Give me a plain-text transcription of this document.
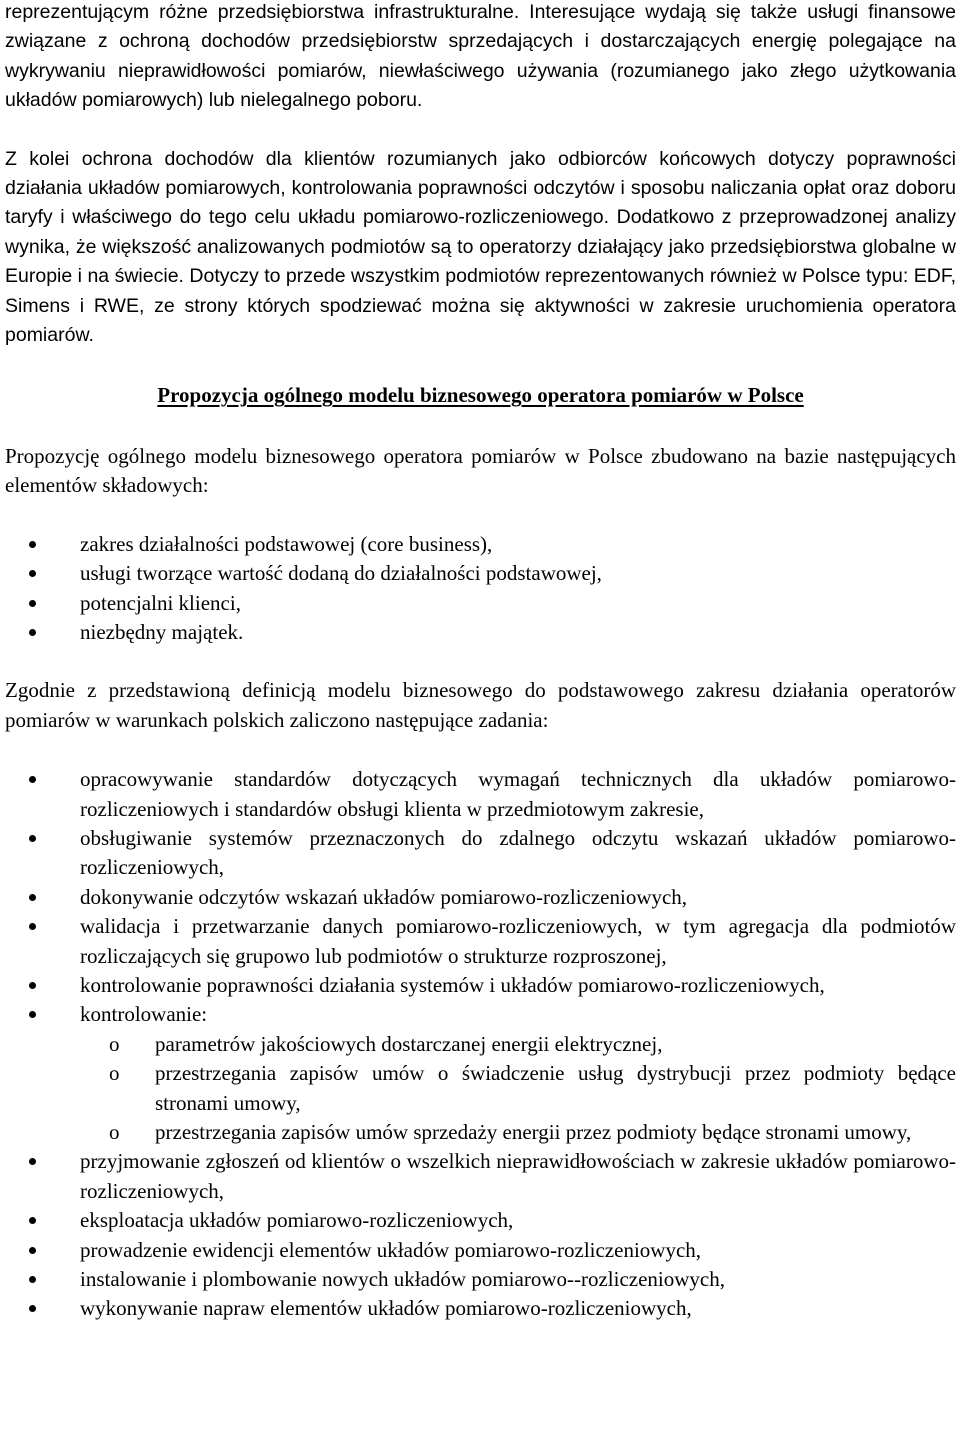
reprezentującym różne przedsiębiorstwa infrastrukturalne. Interesujące wydają się także usługi finansowe związane z ochroną dochodów przedsiębiorstw sprzedających i dostarczających energię polegające na wykrywaniu nieprawidłowości pomiarów, niewłaściwego używania (rozumianego jako złego użytkowania układów pomiarowych) lub nielegalnego poboru.

Z kolei ochrona dochodów dla klientów rozumianych jako odbiorców końcowych dotyczy poprawności działania układów pomiarowych, kontrolowania poprawności odczytów i sposobu naliczania opłat oraz doboru taryfy i właściwego do tego celu układu pomiarowo-rozliczeniowego. Dodatkowo z przeprowadzonej analizy wynika, że większość analizowanych podmiotów są to operatorzy działający jako przedsiębiorstwa globalne w Europie i na świecie. Dotyczy to przede wszystkim podmiotów reprezentowanych również w Polsce typu: EDF, Simens i RWE, ze strony których spodziewać można się aktywności w zakresie uruchomienia operatora pomiarów.

Propozycja ogólnego modelu biznesowego operatora pomiarów w Polsce

Propozycję ogólnego modelu biznesowego operatora pomiarów w Polsce zbudowano na bazie następujących elementów składowych:

zakres działalności podstawowej (core business),
usługi tworzące wartość dodaną do działalności podstawowej,
potencjalni klienci,
niezbędny majątek.

Zgodnie z przedstawioną definicją modelu biznesowego do podstawowego zakresu działania operatorów pomiarów w warunkach polskich zaliczono następujące zadania:

opracowywanie standardów dotyczących wymagań technicznych dla układów pomiarowo-rozliczeniowych i standardów obsługi klienta w przedmiotowym zakresie,
obsługiwanie systemów przeznaczonych do zdalnego odczytu wskazań układów pomiarowo-rozliczeniowych,
dokonywanie odczytów wskazań układów pomiarowo-rozliczeniowych,
walidacja i przetwarzanie danych pomiarowo-rozliczeniowych, w tym agregacja dla podmiotów rozliczających się grupowo lub podmiotów o strukturze rozproszonej,
kontrolowanie poprawności działania systemów i układów pomiarowo-rozliczeniowych,
kontrolowanie:
o parametrów jakościowych dostarczanej energii elektrycznej,
o przestrzegania zapisów umów o świadczenie usług dystrybucji przez podmioty będące stronami umowy,
o przestrzegania zapisów umów sprzedaży energii przez podmioty będące stronami umowy,
przyjmowanie zgłoszeń od klientów o wszelkich nieprawidłowościach w zakresie układów pomiarowo-rozliczeniowych,
eksploatacja układów pomiarowo-rozliczeniowych,
prowadzenie ewidencji elementów układów pomiarowo-rozliczeniowych,
instalowanie i plombowanie nowych układów pomiarowo--rozliczeniowych,
wykonywanie napraw elementów układów pomiarowo-rozliczeniowych,
